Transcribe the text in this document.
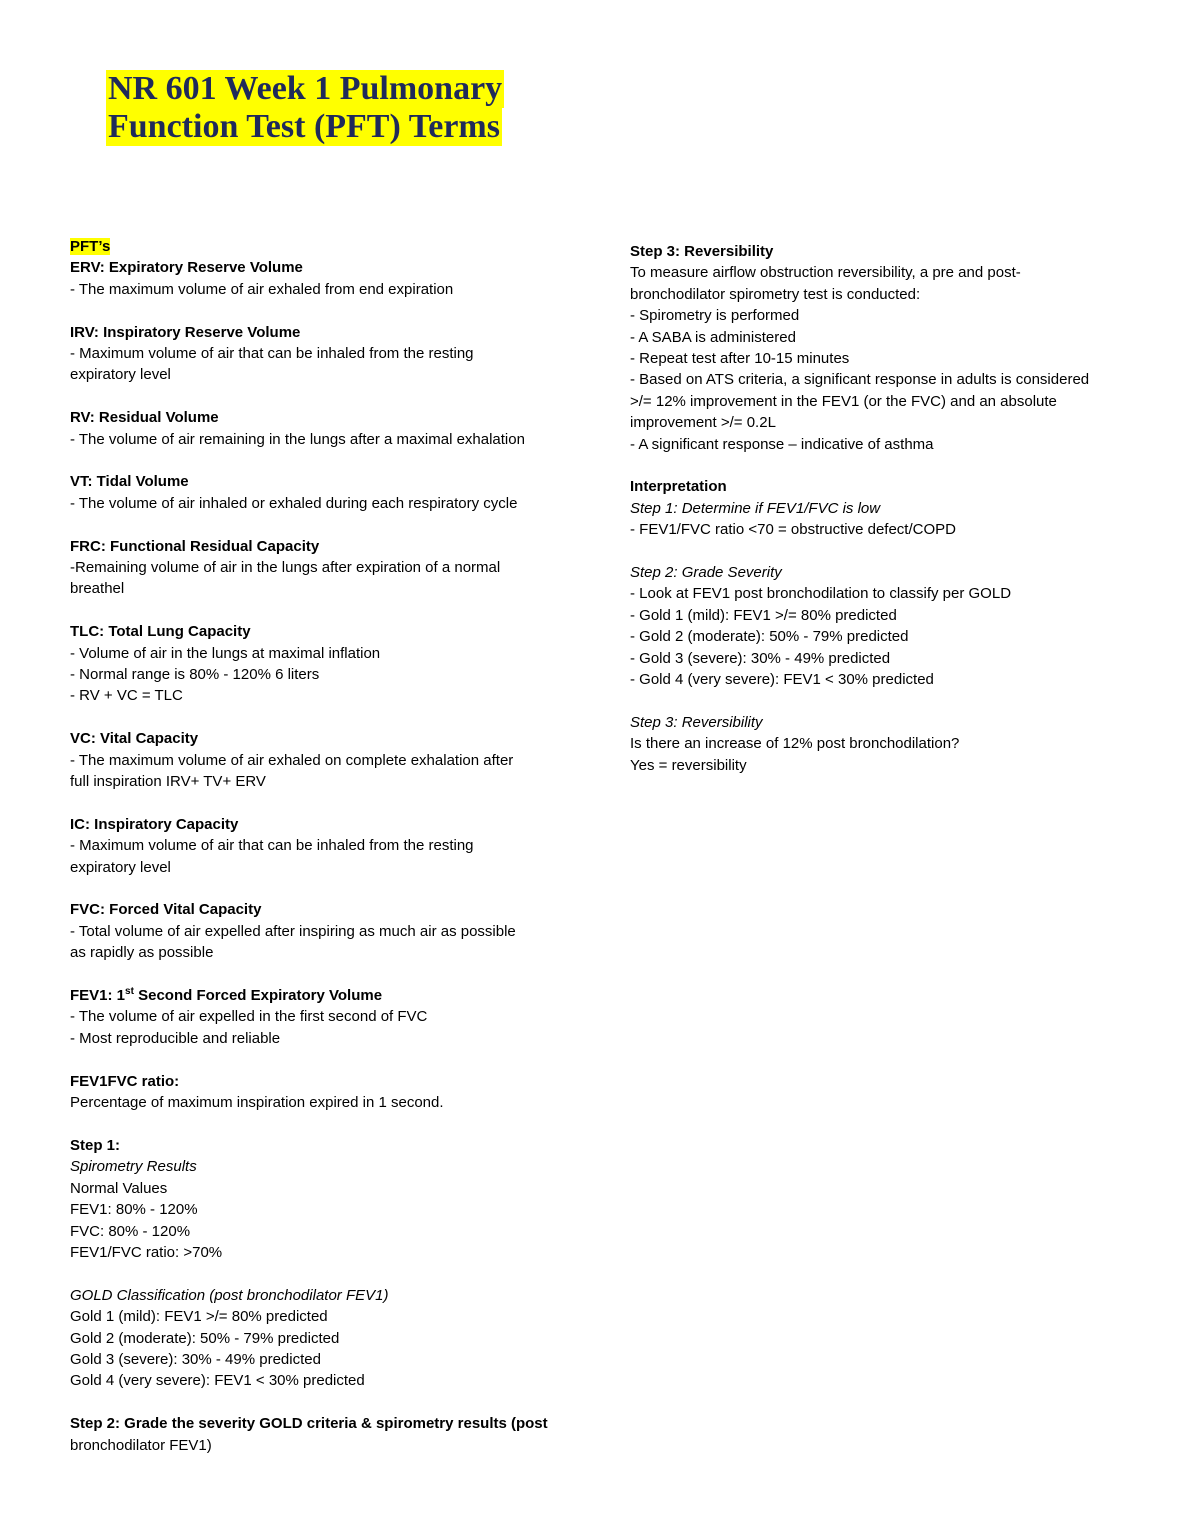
NR 601 Week 1 Pulmonary
Function Test (PFT) Terms

PFT’s

ERV: Expiratory Reserve Volume

- The maximum volume of air exhaled from end expiration

IRV: Inspiratory Reserve Volume

- Maximum volume of air that can be inhaled from the resting

expiratory level

RV: Residual Volume

- The volume of air remaining in the lungs after a maximal exhalation

VT: Tidal Volume

- The volume of air inhaled or exhaled during each respiratory cycle

FRC: Functional Residual Capacity

-Remaining volume of air in the lungs after expiration of a normal

breathel

TLC: Total Lung Capacity

- Volume of air in the lungs at maximal inflation

- Normal range is 80% - 120% 6 liters

- RV + VC = TLC

VC: Vital Capacity

- The maximum volume of air exhaled on complete exhalation after

full inspiration IRV+ TV+ ERV

IC: Inspiratory Capacity

- Maximum volume of air that can be inhaled from the resting

expiratory level

FVC: Forced Vital Capacity

- Total volume of air expelled after inspiring as much air as possible

as rapidly as possible

FEV1: 1st Second Forced Expiratory Volume

- The volume of air expelled in the first second of FVC

- Most reproducible and reliable

FEV1FVC ratio:

Percentage of maximum inspiration expired in 1 second.

Step 1:

Spirometry Results

Normal Values

FEV1: 80% - 120%

FVC: 80% - 120%

FEV1/FVC ratio: >70%

GOLD Classification (post bronchodilator FEV1)

Gold 1 (mild): FEV1 >/= 80% predicted

Gold 2 (moderate): 50% - 79% predicted

Gold 3 (severe): 30% - 49% predicted

Gold 4 (very severe): FEV1 < 30% predicted

Step 2: Grade the severity GOLD criteria & spirometry results (post

bronchodilator FEV1)

Step 3: Reversibility

To measure airflow obstruction reversibility, a pre and post-

bronchodilator spirometry test is conducted:

- Spirometry is performed

- A SABA is administered

- Repeat test after 10-15 minutes

- Based on ATS criteria, a significant response in adults is considered

>/= 12% improvement in the FEV1 (or the FVC) and an absolute

improvement >/= 0.2L

- A significant response – indicative of asthma

Interpretation

Step 1: Determine if FEV1/FVC is low

- FEV1/FVC ratio <70 = obstructive defect/COPD

Step 2: Grade Severity

- Look at FEV1 post bronchodilation to classify per GOLD

- Gold 1 (mild): FEV1 >/= 80% predicted

- Gold 2 (moderate): 50% - 79% predicted

- Gold 3 (severe): 30% - 49% predicted

- Gold 4 (very severe): FEV1 < 30% predicted

Step 3: Reversibility

Is there an increase of 12% post bronchodilation?

Yes = reversibility
